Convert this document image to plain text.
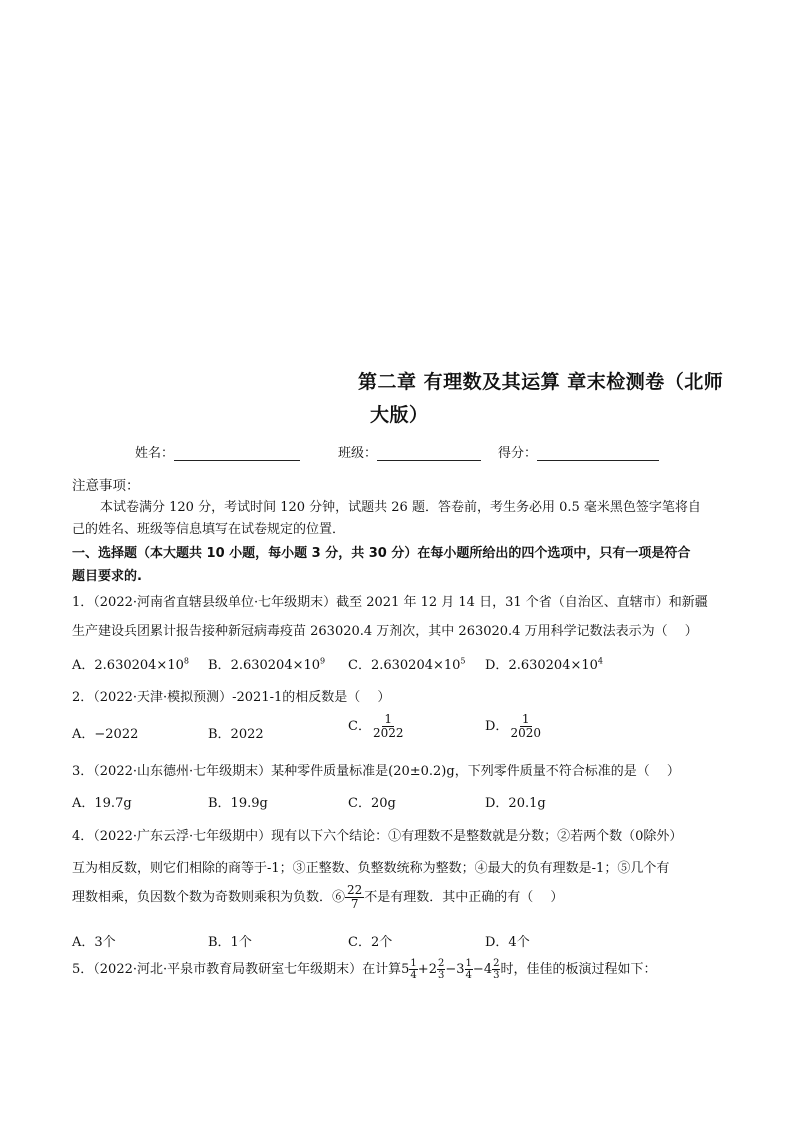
第二章 有理数及其运算 章末检测卷（北师
大版）
姓名：	班级：	得分：
注意事项：
本试卷满分 120 分，考试时间 120 分钟，试题共 26 题．答卷前，考生务必用 0.5 毫米黑色签字笔将自
己的姓名、班级等信息填写在试卷规定的位置．
一、选择题（本大题共 10 小题，每小题 3 分，共 30 分）在每小题所给出的四个选项中，只有一项是符合
题目要求的.
1．（2022·河南省直辖县级单位·七年级期末）截至 2021 年 12 月 14 日，31 个省（自治区、直辖市）和新疆
生产建设兵团累计报告接种新冠病毒疫苗 263020.4 万剂次，其中 263020.4 万用科学记数法表示为（　 ）
A．$2.630204\times 10^8$ B．$2.630204\times 10^9$ C．$2.630204\times 10^5$ D．$2.630204\times 10^4$
2．（2022·天津·模拟预测）-2021-1的相反数是（　 ）
A．−2022	B．2022
C． $\frac{1}{2022}$	D． $\frac{1}{2020}$
3．（2022·山东德州·七年级期末）某种零件质量标准是(20±0.2)g，下列零件质量不符合标准的是（　 ）
A．19.7g	B．19.9g	C．20g	D．20.1g
4．（2022·广东云浮·七年级期中）现有以下六个结论：①有理数不是整数就是分数；②若两个数（0除外）
互为相反数，则它们相除的商等于-1；③正整数、负整数统称为整数；④最大的负有理数是-1；⑤几个有
理数相乘，负因数个数为奇数则乘积为负数．⑥ $\frac{22}{7}$ 不是有理数．其中正确的有（　 ）
A．3个	B．1个	C．2个	D．4个
5．（2022·河北·平泉市教育局教研室七年级期末）在计算$5 \frac{1}{4} +2 \frac{2}{3} -3 \frac{1}{4} -4 \frac{2}{3}$ 时，佳佳的板演过程如下：
